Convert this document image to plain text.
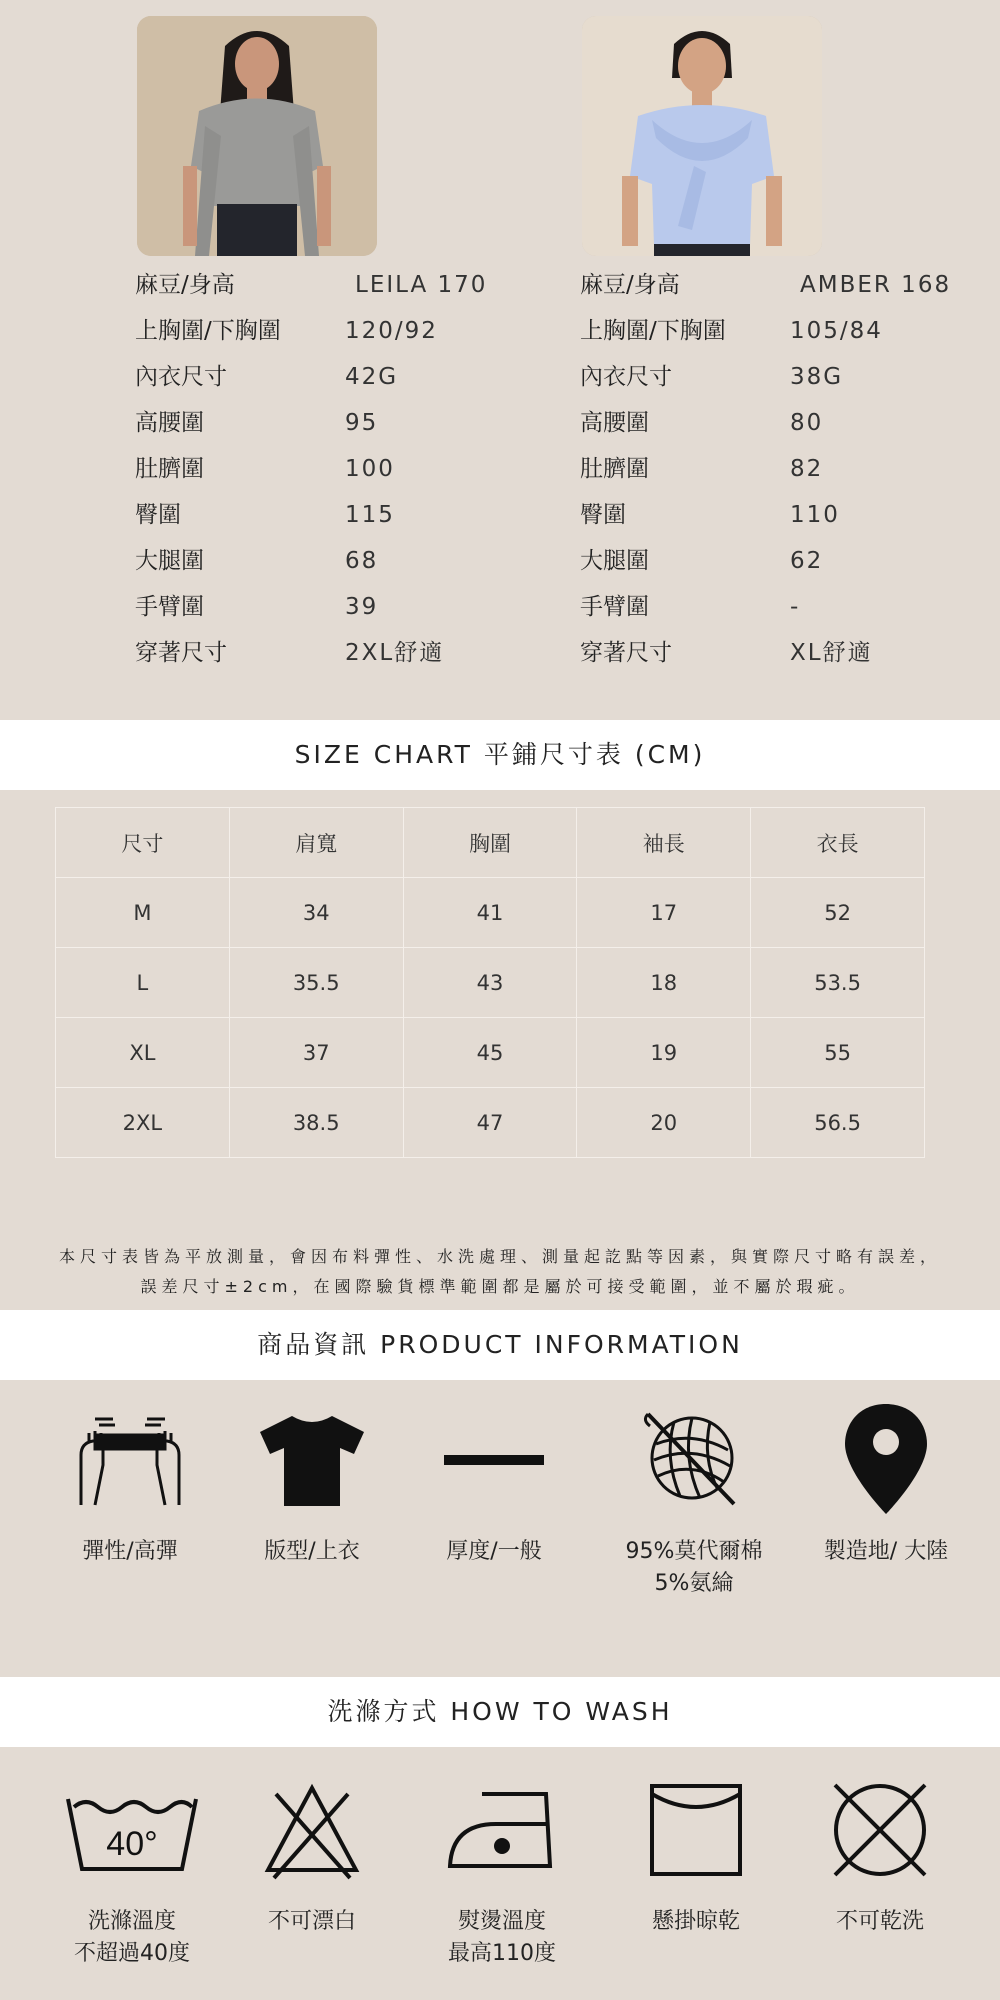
麻豆/身高	LEILA 170
上胸圍/下胸圍	120/92
內衣尺寸	42G
高腰圍	95
肚臍圍	100
臀圍	115
大腿圍	68
手臂圍	39
穿著尺寸	2XL舒適
麻豆/身高	AMBER 168
上胸圍/下胸圍	105/84
內衣尺寸	38G
高腰圍	80
肚臍圍	82
臀圍	110
大腿圍	62
手臂圍	-
穿著尺寸	XL舒適
SIZE CHART 平鋪尺寸表 (CM)
尺寸	肩寬	胸圍	袖長	衣長
M	34	41	17	52
L	35.5	43	18	53.5
XL	37	45	19	55
2XL	38.5	47	20	56.5
本尺寸表皆為平放測量，會因布料彈性、水洗處理、測量起訖點等因素，與實際尺寸略有誤差，
誤差尺寸±2cm，在國際驗貨標準範圍都是屬於可接受範圍，並不屬於瑕疵。
商品資訊 PRODUCT INFORMATION
彈性/高彈	版型/上衣	厚度/一般	95%莫代爾棉
5%氨綸
製造地/ 大陸
洗滌方式 HOW TO WASH
40°
洗滌溫度
不超過40度
不可漂白	熨燙溫度
最高110度
懸掛晾乾	不可乾洗
